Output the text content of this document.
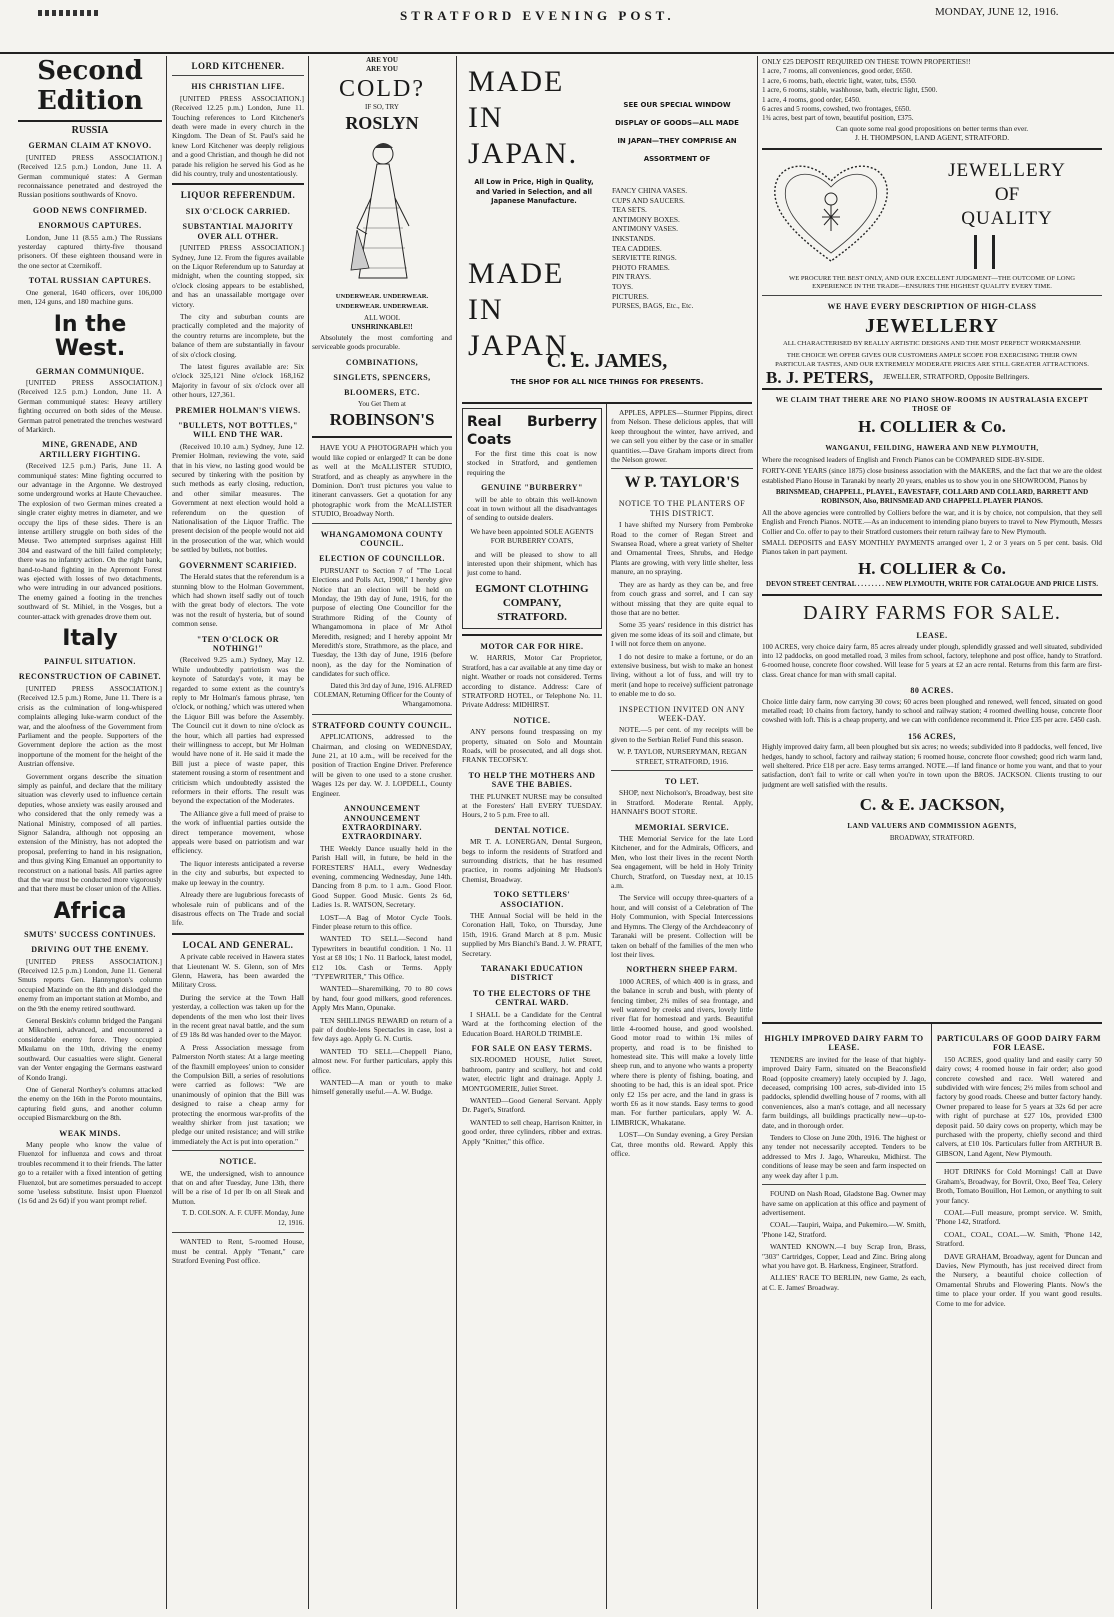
STRATFORD EVENING POST.	MONDAY, JUNE 12, 1916.
Second Edition
RUSSIA
GERMAN CLAIM AT KNOVO.

[UNITED PRESS ASSOCIATION.] (Received 12.5 p.m.) London, June 11. A German communiqué states: A German reconnaissance penetrated and destroyed the Russian positions southwards of Knovo.

GOOD NEWS CONFIRMED.
ENORMOUS CAPTURES.

London, June 11 (8.55 a.m.) The Russians yesterday captured thirty-five thousand prisoners. Of these eighteen thousand were in the one sector at Czernikoff.

TOTAL RUSSIAN CAPTURES.

One general, 1640 officers, over 106,000 men, 124 guns, and 180 machine guns.

In the West.
GERMAN COMMUNIQUE.

[UNITED PRESS ASSOCIATION.] (Received 12.5 p.m.) London, June 11. A German communiqué states: Heavy artillery fighting occurred on both sides of the Meuse. German patrol penetrated the trenches westward of Markirch.

MINE, GRENADE, AND ARTILLERY FIGHTING.

(Received 12.5 p.m.) Paris, June 11. A communiqué states: Mine fighting occurred to our advantage in the Argonne. We destroyed some underground works at Haute Chevauchee. The explosion of two German mines created a single crater eighty metres in diameter, and we occupy the lips of these sides. There is an intense artillery struggle on both sides of the Meuse. Two attempted surprises against Hill 304 and eastward of the hill failed completely; there was no infantry action. On the right bank, hand-to-hand fighting in the Apremont Forest was ejected with losses of two detachments, who were intruding in our advanced positions. The enemy gained a footing in the trenches southward of St. Mihiel, in the Vosges, but a counter-attack with grenades drove them out.

Italy
PAINFUL SITUATION.
RECONSTRUCTION OF CABINET.

[UNITED PRESS ASSOCIATION.] (Received 12.5 p.m.) Rome, June 11. There is a crisis as the culmination of long-whispered complaints alleging luke-warm conduct of the war, and the aloofness of the Government from Parliament and the people. Supporters of the Government deplore the action as the most inopportune of the moment for the height of the Austrian offensive.

Government organs describe the situation simply as painful, and declare that the military situation was cleverly used to influence certain deputies, whose anxiety was easily aroused and who considered that the only remedy was a National Ministry, composed of all parties. Signor Salandra, although not opposing an extension of the Ministry, has not adopted the proposal, preferring to hand in his resignation, and thus giving King Emanuel an opportunity to reconstruct on a national basis. All parties agree that the war must be conducted more vigorously and that there must be closer union of the Allies.

Africa
SMUTS' SUCCESS CONTINUES.
DRIVING OUT THE ENEMY.

[UNITED PRESS ASSOCIATION.] (Received 12.5 p.m.) London, June 11. General Smuts reports Gen. Hannyngton's column occupied Mazinde on the 8th and dislodged the enemy from an important station at Mombo, and on the 9th the enemy retired southward.

General Beskin's column bridged the Pangani at Mikocheni, advanced, and encountered a considerable enemy force. They occupied Mkulamu on the 10th, driving the enemy southward. Our casualties were slight. General van der Venter engaging the Germans eastward of Kondo Irangi.

One of General Northey's columns attacked the enemy on the 16th in the Poroto mountains, capturing field guns, and another column occupied Bismarckburg on the 8th.

WEAK MINDS.

Many people who know the value of Fluenzol for influenza and cows and throat troubles recommend it to their friends. The latter go to a retailer with a fixed intention of getting Fluenzol, but are sometimes persuaded to accept some 'useless substitute. Insist upon Fluenzol (1s 6d and 2s 6d) if you want prompt relief.

LORD KITCHENER.
HIS CHRISTIAN LIFE.

[UNITED PRESS ASSOCIATION.] (Received 12.25 p.m.) London, June 11. Touching references to Lord Kitchener's death were made in every church in the Kingdom. The Dean of St. Paul's said he knew Lord Kitchener was deeply religious and a good Christian, and though he did not parade his religion he served his God as he did his country, truly and unostentatiously.

LIQUOR REFERENDUM.
SIX O'CLOCK CARRIED.
SUBSTANTIAL MAJORITY OVER ALL OTHER.

[UNITED PRESS ASSOCIATION.] Sydney, June 12. From the figures available on the Liquor Referendum up to Saturday at midnight, when the counting stopped, six o'clock closing appears to be established, and has an unassailable mortgage over victory.

The city and suburban counts are practically completed and the majority of the country returns are incomplete, but the balance of them are substantially in favour of six o'clock closing.

The latest figures available are: Six o'clock 325,121 Nine o'clock 168,162 Majority in favour of six o'clock over all other hours, 127,361.

PREMIER HOLMAN'S VIEWS.
"BULLETS, NOT BOTTLES," WILL END THE WAR.

(Received 10.10 a.m.) Sydney, June 12. Premier Holman, reviewing the vote, said that in his view, no lasting good would be secured by tinkering with the position by such methods as early closing, reduction, and other similar measures. The Government at next election would hold a referendum on the question of Nationalisation of the Liquor Traffic. The present decision of the people would not aid in the prosecution of the war, which would be settled by bullets, not bottles.

GOVERNMENT SCARIFIED.

The Herald states that the referendum is a stunning blow to the Holman Government, which had shown itself sadly out of touch with the great body of electors. The vote was not the result of hysteria, but of sound common sense.

"TEN O'CLOCK OR NOTHING!"

(Received 9.25 a.m.) Sydney, May 12. While undoubtedly patriotism was the keynote of Saturday's vote, it may be regarded to some extent as the country's reply to Mr Holman's famous phrase, 'ten o'clock, or nothing,' which was uttered when the Liquor Bill was before the Assembly. The Council cut it down to nine o'clock as the hour, which all parties had expressed their willingness to accept, but Mr Holman would have none of it. He said it made the Bill just a piece of waste paper, this statement rousing a storm of resentment and criticism which undoubtedly assisted the reformers in their efforts. The result was beyond the expectation of the Moderates.

The Alliance give a full meed of praise to the work of influential parties outside the direct temperance movement, whose appeals were based on patriotism and war efficiency.

The liquor interests anticipated a reverse in the city and suburbs, but expected to make up leeway in the country.

Already there are lugubrious forecasts of wholesale ruin of publicans and of the disastrous effects on The Trade and social life.

LOCAL AND GENERAL.

A private cable received in Hawera states that Lieutenant W. S. Glenn, son of Mrs Glenn, Hawera, has been awarded the Military Cross.

During the service at the Town Hall yesterday, a collection was taken up for the dependents of the men who lost their lives in the recent great naval battle, and the sum of £9 18s 8d was handed over to the Mayor.

A Press Association message from Palmerston North states: At a large meeting of the flaxmill employees' union to consider the Compulsion Bill, a series of resolutions were carried as follows: "We are unanimously of opinion that the Bill was designed to raise a cheap army for protecting the enormous war-profits of the wealthy shirker from just taxation; we pledge our united resistance; and will strike immediately the Act is put into operation."

NOTICE.

WE, the undersigned, wish to announce that on and after Tuesday, June 13th, there will be a rise of 1d per lb on all Steak and Mutton.

T. D. COLSON. A. F. CUFF. Monday, June 12, 1916.

WANTED to Rent, 5-roomed House, must be central. Apply "Tenant," care Stratford Evening Post office.

ARE YOU
ARE YOU
COLD?
IF SO, TRY
ROSLYN
UNDERWEAR. UNDERWEAR.
UNDERWEAR. UNDERWEAR.
ALL WOOL
UNSHRINKABLE!!

Absolutely the most comforting and serviceable goods procurable.

COMBINATIONS,
SINGLETS, SPENCERS,
BLOOMERS, ETC.
You Get Them at
ROBINSON'S

HAVE YOU A PHOTOGRAPH which you would like copied or enlarged? It can be done as well at the McALLISTER STUDIO, Stratford, and as cheaply as anywhere in the Dominion. Don't trust pictures you value to itinerant canvassers. Get a quotation for any photographic work from the McALLISTER STUDIO, Broadway North.

WHANGAMOMONA COUNTY COUNCIL.
ELECTION OF COUNCILLOR.

PURSUANT to Section 7 of "The Local Elections and Polls Act, 1908," I hereby give Notice that an election will be held on Monday, the 19th day of June, 1916, for the purpose of electing One Councillor for the Strathmore Riding of the County of Whangamomona in place of Mr Athol Meredith, resigned; and I hereby appoint Mr Meredith's store, Strathmore, as the place, and Tuesday, the 13th day of June, 1916 (before noon), as the day for the Nomination of candidates for such office.

Dated this 3rd day of June, 1916. ALFRED COLEMAN, Returning Officer for the County of Whangamomona.

STRATFORD COUNTY COUNCIL.

APPLICATIONS, addressed to the Chairman, and closing on WEDNESDAY, June 21, at 10 a.m., will be received for the position of Traction Engine Driver. Preference will be given to one used to a stone crusher. Wages 12s per day. W. J. LOPDELL, County Engineer.

ANNOUNCEMENT ANNOUNCEMENT EXTRAORDINARY. EXTRAORDINARY.

THE Weekly Dance usually held in the Parish Hall will, in future, be held in the FORESTERS' HALL, every Wednesday evening, commencing Wednesday, June 14th. Dancing from 8 p.m. to 1 a.m.. Good Floor. Good Supper. Good Music. Gents 2s 6d, Ladies 1s. R. WATSON, Secretary.

LOST—A Bag of Motor Cycle Tools. Finder please return to this office.

WANTED TO SELL—Second hand Typewriters in beautiful condition. 1 No. 11 Yost at £8 10s; 1 No. 11 Barlock, latest model, £12 10s. Cash or Terms. Apply "TYPEWRITER," This Office.

WANTED—Sharemilking, 70 to 80 cows by hand, four good milkers, good references. Apply Mrs Mann, Opunake.

TEN SHILLINGS REWARD on return of a pair of double-lens Spectacles in case, lost a few days ago. Apply G. N. Curtis.

WANTED TO SELL—Cheppell Piano, almost new. For further particulars, apply this office.

WANTED—A man or youth to make himself generally useful.—A. W. Budge.

MADE IN JAPAN.
All Low in Price, High in Quality, and Varied in Selection, and all Japanese Manufacture.
MADE IN JAPAN.
SEE OUR SPECIAL WINDOW DISPLAY OF GOODS—ALL MADE IN JAPAN—THEY COMPRISE AN ASSORTMENT OF
FANCY CHINA VASES.
CUPS AND SAUCERS.
TEA SETS.
ANTIMONY BOXES.
ANTIMONY VASES.
INKSTANDS.
TEA CADDIES.
SERVIETTE RINGS.
PHOTO FRAMES.
PIN TRAYS.
TOYS.
PICTURES.
PURSES, BAGS, Etc., Etc.
C. E. JAMES,
THE SHOP FOR ALL NICE THINGS FOR PRESENTS.
Real Burberry Coats

For the first time this coat is now stocked in Stratford, and gentlemen requiring the

GENUINE "BURBERRY"

will be able to obtain this well-known coat in town without all the disadvantages of sending to outside dealers.

We have been appointed SOLE AGENTS FOR BURBERRY COATS,

and will be pleased to show to all interested upon their shipment, which has just come to hand.

EGMONT CLOTHING COMPANY, STRATFORD.
MOTOR CAR FOR HIRE.

W. HARRIS, Motor Car Proprietor, Stratford, has a car available at any time day or night. Weather or roads not considered. Terms according to distance. Address: Care of STRATFORD HOTEL, or Telephone No. 11. Private Address: MIDHIRST.

NOTICE.

ANY persons found trespassing on my property, situated on Solo and Mountain Roads, will be prosecuted, and all dogs shot. FRANK TECOFSKY.

TO HELP THE MOTHERS AND SAVE THE BABIES.

THE PLUNKET NURSE may be consulted at the Foresters' Hall EVERY TUESDAY. Hours, 2 to 5 p.m. Free to all.

DENTAL NOTICE.

MR T. A. LONERGAN, Dental Surgeon, begs to inform the residents of Stratford and surrounding districts, that he has resumed practice, in rooms adjoining Mr Hudson's Chemist, Broadway.

TOKO SETTLERS' ASSOCIATION.

THE Annual Social will be held in the Coronation Hall, Toko, on Thursday, June 15th, 1916. Grand March at 8 p.m. Music supplied by Mrs Bianchi's Band. J. W. PRATT, Secretary.

TARANAKI EDUCATION DISTRICT
TO THE ELECTORS OF THE CENTRAL WARD.

I SHALL be a Candidate for the Central Ward at the forthcoming election of the Education Board. HAROLD TRIMBLE.

FOR SALE ON EASY TERMS.

SIX-ROOMED HOUSE, Juliet Street, bathroom, pantry and scullery, hot and cold water, electric light and drainage. Apply J. MONTGOMERIE, Juliet Street.

WANTED—Good General Servant. Apply Dr. Paget's, Stratford.

WANTED to sell cheap, Harrison Knitter, in good order, three cylinders, ribber and extras. Apply "Knitter," this office.

APPLES, APPLES—Sturmer Pippins, direct from Nelson. These delicious apples, that will keep throughout the winter, have arrived, and we can sell you either by the case or in smaller quantities.—Dave Graham imports direct from the Nelson grower.

W P. TAYLOR'S
NOTICE TO THE PLANTERS OF THIS DISTRICT.

I have shifted my Nursery from Pembroke Road to the corner of Regan Street and Swansea Road, where a great variety of Shelter and Ornamental Trees, Shrubs, and Hedge Plants are growing, with very little shelter, less manure, an no spraying.

They are as hardy as they can be, and free from couch grass and sorrel, and I can say without missing that they are quite equal to those that are no better.

Some 35 years' residence in this district has given me some ideas of its soil and climate, but I will not force them on anyone.

I do not desire to make a fortune, or do an extensive business, but wish to make an honest living, without a lot of fuss, and will try to merit (and hope to receive) sufficient patronage to enable me to do so.

INSPECTION INVITED ON ANY WEEK-DAY.

NOTE.—5 per cent. of my receipts will be given to the Serbian Relief Fund this season.

W. P. TAYLOR, NURSERYMAN, REGAN STREET, STRATFORD, 1916.
TO LET.

SHOP, next Nicholson's, Broadway, best site in Stratford. Moderate Rental. Apply, HANNAH'S BOOT STORE.

MEMORIAL SERVICE.

THE Memorial Service for the late Lord Kitchener, and for the Admirals, Officers, and Men, who lost their lives in the recent North Sea engagement, will be held in Holy Trinity Church, Stratford, on Tuesday next, at 10.15 a.m.

The Service will occupy three-quarters of a hour, and will consist of a Celebration of The Holy Communion, with Special Intercessions and Hymns. The Clergy of the Archdeaconry of Taranaki will be present. Collection will be taken on behalf of the families of the men who lost their lives.

NORTHERN SHEEP FARM.

1000 ACRES, of which 400 is in grass, and the balance in scrub and bush, with plenty of fencing timber, 2¾ miles of sea frontage, and well watered by creeks and rivers, lovely little river flat for homestead and yards. Beautiful little 4-roomed house, and good woolshed. Good motor road to within 1¾ miles of property, and road is to be finished to homestead site. This will make a lovely little sheep run, and to anyone who wants a property where there is plenty of fishing, boating, and shooting to be had, this is an ideal spot. Price only £2 15s per acre, and the land in grass is worth £6 as it now stands. Easy terms to good man. For further particulars, apply W. A. LIMBRICK, Whakatane.

LOST—On Sunday evening, a Grey Persian Cat, three months old. Reward. Apply this office.

ONLY £25 DEPOSIT REQUIRED ON THESE TOWN PROPERTIES!!
1 acre, 7 rooms, all conveniences, good order, £650.
1 acre, 6 rooms, bath, electric light, water, tubs, £550.
1 acre, 6 rooms, stable, washhouse, bath, electric light, £500.
1 acre, 4 rooms, good order, £450.
6 acres and 5 rooms, cowshed, two frontages, £650.
1¾ acres, best part of town, beautiful position, £375.
Can quote some real good propositions on better terms than ever.
J. H. THOMPSON, LAND AGENT, STRATFORD.
JEWELLERY
OF
QUALITY
WE PROCURE THE BEST ONLY, AND OUR EXCELLENT JUDGMENT—THE OUTCOME OF LONG EXPERIENCE IN THE TRADE—ENSURES THE HIGHEST QUALITY EVERY TIME.
WE HAVE EVERY DESCRIPTION OF HIGH-CLASS
JEWELLERY
ALL CHARACTERISED BY REALLY ARTISTIC DESIGNS AND THE MOST PERFECT WORKMANSHIP.
THE CHOICE WE OFFER GIVES OUR CUSTOMERS AMPLE SCOPE FOR EXERCISING THEIR OWN PARTICULAR TASTES, AND OUR EXTREMELY MODERATE PRICES ARE STILL GREATER ATTRACTIONS.
B. J. PETERS, JEWELLER, STRATFORD, Opposite Bellringers.
WE CLAIM THAT THERE ARE NO PIANO SHOW-ROOMS IN AUSTRALASIA EXCEPT THOSE OF
H. COLLIER & Co.
WANGANUI, FEILDING, HAWERA AND NEW PLYMOUTH,
Where the recognised leaders of English and French Pianos can be COMPARED SIDE-BY-SIDE.
FORTY-ONE YEARS (since 1875) close business association with the MAKERS, and the fact that we are the oldest established Piano House in Taranaki by nearly 20 years, enables us to show you in one SHOWROOM, Pianos by
BRINSMEAD, CHAPPELL, PLAYEL, EAVESTAFF, COLLARD AND COLLARD, BARRETT AND ROBINSON, Also, BRINSMEAD AND CHAPPELL PLAYER PIANOS.
All the above agencies were controlled by Colliers before the war, and it is by choice, not compulsion, that they sell English and French Pianos. NOTE.—As an inducement to intending piano buyers to travel to New Plymouth, Messrs Collier and Co. offer to pay to their Stratford customers their return railway fare to New Plymouth.
SMALL DEPOSITS and EASY MONTHLY PAYMENTS arranged over 1, 2 or 3 years on 5 per cent. basis. Old Pianos taken in part payment.
H. COLLIER & Co.
DEVON STREET CENTRAL . . . . . . . . NEW PLYMOUTH, WRITE FOR CATALOGUE AND PRICE LISTS.
DAIRY FARMS FOR SALE.
LEASE.
100 ACRES, very choice dairy farm, 85 acres already under plough, splendidly grassed and well situated, subdivided into 12 paddocks, on good metalled road, 3 miles from school, factory, telephone and post office, handy to Stratford. 6-roomed house, concrete floor cowshed. Will lease for 5 years at £2 an acre rental. Returns from this farm are first-class. Great chance for man with small capital.
80 ACRES.
Choice little dairy farm, now carrying 30 cows; 60 acres been ploughed and renewed, well fenced, situated on good metalled road; 10 chains from factory, handy to school and railway station; 4 roomed dwelling house, concrete floor cowshed with loft. This is a cheap property, and we can with confidence recommend it. Price £35 per acre. £450 cash.
156 ACRES,
Highly improved dairy farm, all been ploughed but six acres; no weeds; subdivided into 8 paddocks, well fenced, live hedges, handy to school, factory and railway station; 6 roomed house, concrete floor cowshed; good rich warm land, well sheltered. Price £18 per acre. Easy terms arranged. NOTE.—If land finance or home you want, and that to your satisfaction, don't fail to write or call when you're in town upon the BROS. JACKSON. Clients trusting to our judgment are well satisfied with the results.
C. & E. JACKSON,
LAND VALUERS AND COMMISSION AGENTS,
BROADWAY, STRATFORD.
HIGHLY IMPROVED DAIRY FARM TO LEASE.

TENDERS are invited for the lease of that highly-improved Dairy Farm, situated on the Beaconsfield Road (opposite creamery) lately occupied by J. Jago, deceased, comprising 100 acres, sub-divided into 15 paddocks, splendid dwelling house of 7 rooms, with all conveniences, also a man's cottage, and all necessary farm buildings, all buildings practically new—up-to-date, and in thorough order.

Tenders to Close on June 20th, 1916. The highest or any tender not necessarily accepted. Tenders to be addressed to Mrs J. Jago, Whareuku, Midhirst. The conditions of lease may be seen and farm inspected on any week day after 1 p.m.

FOUND on Nash Road, Gladstone Bag. Owner may have same on application at this office and payment of advertisement.

COAL—Taupiri, Waipa, and Pukemiro.—W. Smith, 'Phone 142, Stratford.

WANTED KNOWN.—I buy Scrap Iron, Brass, "303" Cartridges, Copper, Lead and Zinc. Bring along what you have got. B. Harkness, Engineer, Stratford.

ALLIES' RACE TO BERLIN, new Game, 2s each, at C. E. James' Broadway.

PARTICULARS OF GOOD DAIRY FARM FOR LEASE.

150 ACRES, good quality land and easily carry 50 dairy cows; 4 roomed house in fair order; also good concrete cowshed and race. Well watered and subdivided with wire fences; 2½ miles from school and factory by good roads. Cheese and butter factory handy. Owner prepared to lease for 5 years at 32s 6d per acre with right of purchase at £27 10s, provided £300 deposit paid. 50 dairy cows on property, which may be purchased with the property, chiefly second and third calvers, at £10 10s. Particulars fuller from ARTHUR B. GIBSON, Land Agent, New Plymouth.

HOT DRINKS for Cold Mornings! Call at Dave Graham's, Broadway, for Bovril, Oxo, Beef Tea, Celery Broth, Tomato Bouillon, Hot Lemon, or anything to suit your fancy.

COAL—Full measure, prompt service. W. Smith, 'Phone 142, Stratford.

COAL, COAL, COAL.—W. Smith, 'Phone 142, Stratford.

DAVE GRAHAM, Broadway, agent for Duncan and Davies, New Plymouth, has just received direct from the Nursery, a beautiful choice collection of Ornamental Shrubs and Flowering Plants. Now's the time to place your order. If you want good results. Come to me for advice.
